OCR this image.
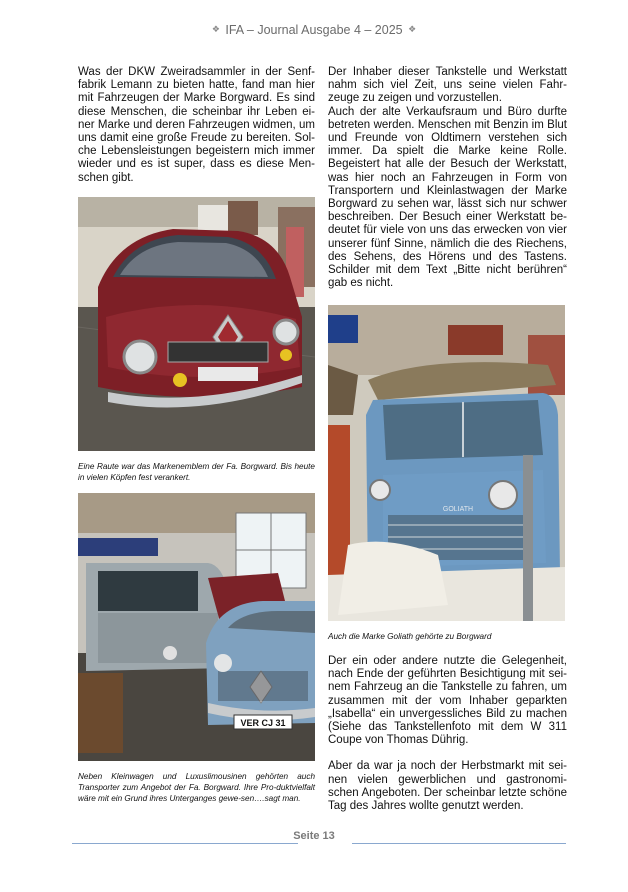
❖ IFA – Journal Ausgabe 4 – 2025 ❖

Was der DKW Zweiradsammler in der Senf-fabrik Lemann zu bieten hatte, fand man hier mit Fahrzeugen der Marke Borgward. Es sind diese Menschen, die scheinbar ihr Leben ei-ner Marke und deren Fahrzeugen widmen, um uns damit eine große Freude zu bereiten. Sol-che Lebensleistungen begeistern mich immer wieder und es ist super, dass es diese Men-schen gibt.

Eine Raute war das Markenemblem der Fa. Borgward. Bis heute in vielen Köpfen fest verankert.
VER CJ 31
Neben Kleinwagen und Luxuslimousinen gehörten auch Transporter zum Angebot der Fa. Borgward. Ihre Pro-duktvielfalt wäre mit ein Grund ihres Unterganges gewe-sen….sagt man.

Der Inhaber dieser Tankstelle und Werkstatt nahm sich viel Zeit, uns seine vielen Fahr-zeuge zu zeigen und vorzustellen.

Auch der alte Verkaufsraum und Büro durfte betreten werden. Menschen mit Benzin im Blut und Freunde von Oldtimern verstehen sich immer. Da spielt die Marke keine Rolle. Begeistert hat alle der Besuch der Werkstatt, was hier noch an Fahrzeugen in Form von Transportern und Kleinlastwagen der Marke Borgward zu sehen war, lässt sich nur schwer beschreiben. Der Besuch einer Werkstatt be-deutet für viele von uns das erwecken von vier unserer fünf Sinne, nämlich die des Riechens, des Sehens, des Hörens und des Tastens. Schilder mit dem Text „Bitte nicht berühren“ gab es nicht.

GOLIATH
Auch die Marke Goliath gehörte zu Borgward

Der ein oder andere nutzte die Gelegenheit, nach Ende der geführten Besichtigung mit sei-nem Fahrzeug an die Tankstelle zu fahren, um zusammen mit der vom Inhaber geparkten „Isabella“ ein unvergessliches Bild zu machen (Siehe das Tankstellenfoto mit dem W 311 Coupe von Thomas Dührig.

Aber da war ja noch der Herbstmarkt mit sei-nen vielen gewerblichen und gastronomi-schen Angeboten. Der scheinbar letzte schöne Tag des Jahres wollte genutzt werden.

Seite 13
